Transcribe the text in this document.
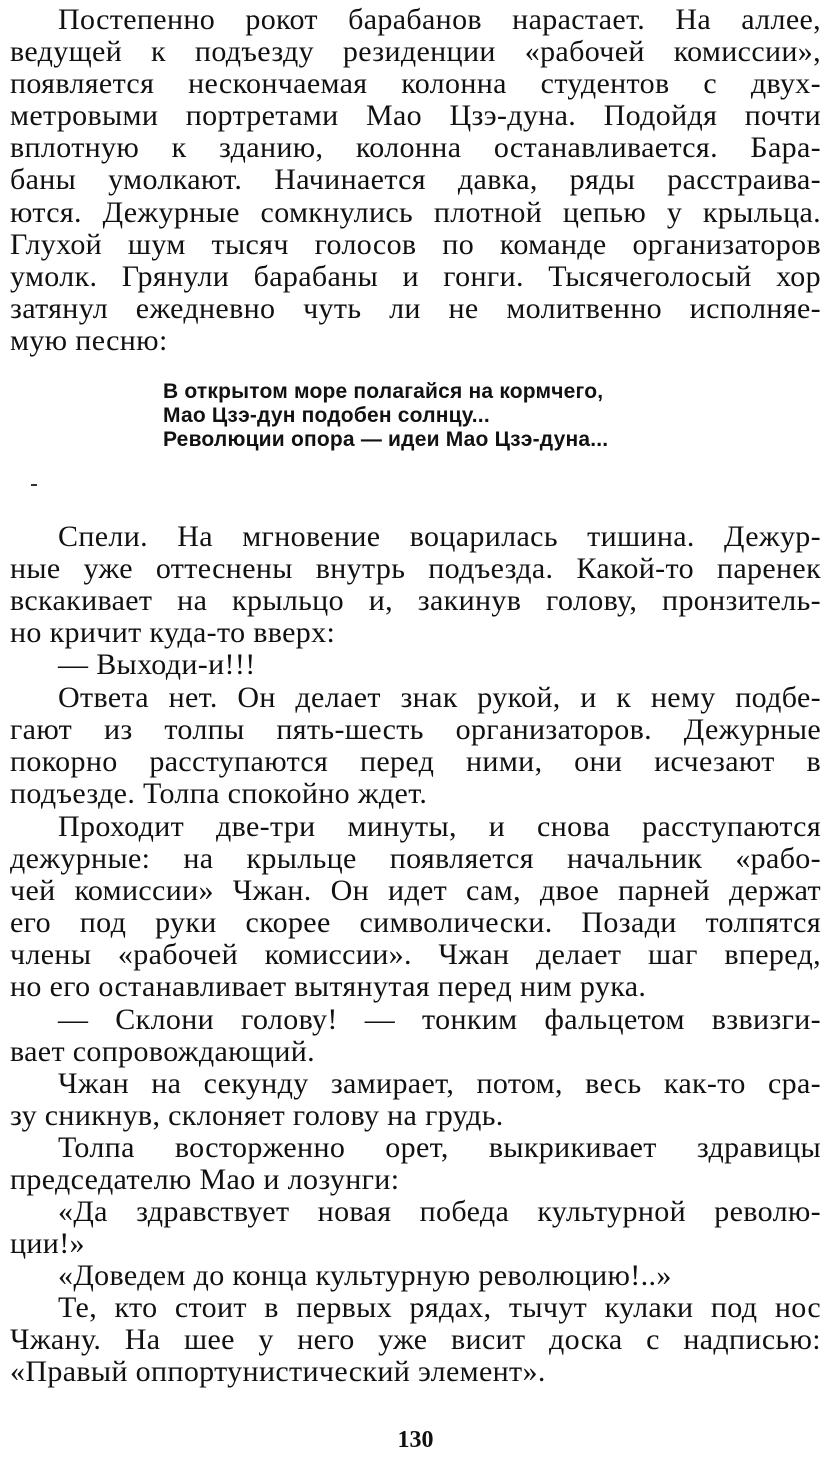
Постепенно рокот барабанов нарастает. На аллее,
ведущей к подъезду резиденции «рабочей комиссии»,
появляется нескончаемая колонна студентов с двух-
метровыми портретами Мао Цзэ-дуна. Подойдя почти
вплотную к зданию, колонна останавливается. Бара-
баны умолкают. Начинается давка, ряды расстраива-
ются. Дежурные сомкнулись плотной цепью у крыльца.
Глухой шум тысяч голосов по команде организаторов
умолк. Грянули барабаны и гонги. Тысячеголосый хор
затянул ежедневно чуть ли не молитвенно исполняе-
мую песню:
В открытом море полагайся на кормчего,
Мао Цзэ-дун подобен солнцу...
Революции опора — идеи Мао Цзэ-дуна...
Спели. На мгновение воцарилась тишина. Дежур-
ные уже оттеснены внутрь подъезда. Какой-то паренек
вскакивает на крыльцо и, закинув голову, пронзитель-
но кричит куда-то вверх:
— Выходи-и!!!
Ответа нет. Он делает знак рукой, и к нему подбе-
гают из толпы пять-шесть организаторов. Дежурные
покорно расступаются перед ними, они исчезают в
подъезде. Толпа спокойно ждет.
Проходит две-три минуты, и снова расступаются
дежурные: на крыльце появляется начальник «рабо-
чей комиссии» Чжан. Он идет сам, двое парней держат
его под руки скорее символически. Позади толпятся
члены «рабочей комиссии». Чжан делает шаг вперед,
но его останавливает вытянутая перед ним рука.
— Склони голову! — тонким фальцетом взвизги-
вает сопровождающий.
Чжан на секунду замирает, потом, весь как-то сра-
зу сникнув, склоняет голову на грудь.
Толпа восторженно орет, выкрикивает здравицы
председателю Мао и лозунги:
«Да здравствует новая победа культурной револю-
ции!»
«Доведем до конца культурную революцию!..»
Те, кто стоит в первых рядах, тычут кулаки под нос
Чжану. На шее у него уже висит доска с надписью:
«Правый оппортунистический элемент».
130
